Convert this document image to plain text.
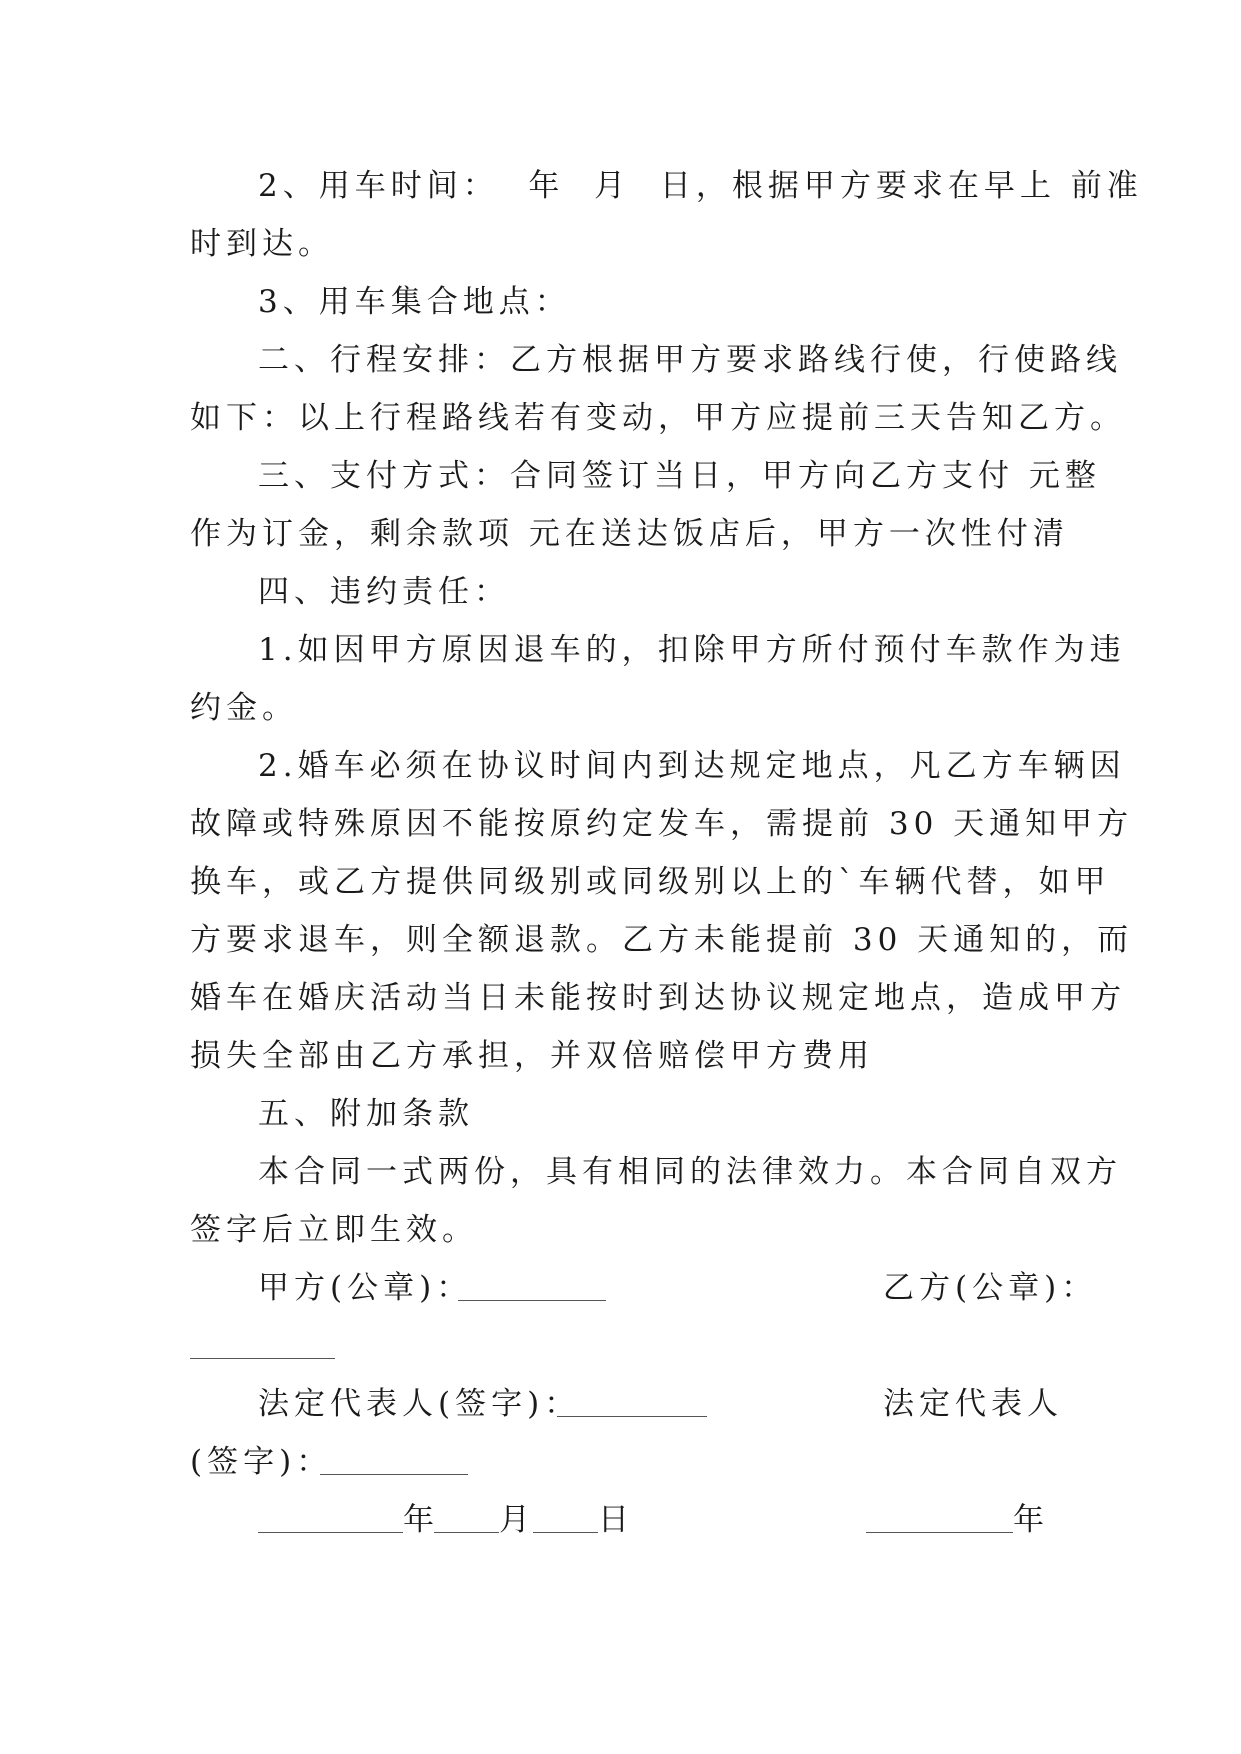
2、用车时间：  年  月  日，根据甲方要求在早上 前准
时到达。
3、用车集合地点：
二、行程安排：乙方根据甲方要求路线行使，行使路线
如下：以上行程路线若有变动，甲方应提前三天告知乙方。
三、支付方式：合同签订当日，甲方向乙方支付 元整
作为订金，剩余款项 元在送达饭店后，甲方一次性付清
四、违约责任：
1.如因甲方原因退车的，扣除甲方所付预付车款作为违
约金。
2.婚车必须在协议时间内到达规定地点，凡乙方车辆因
故障或特殊原因不能按原约定发车，需提前 30 天通知甲方
换车，或乙方提供同级别或同级别以上的`车辆代替，如甲
方要求退车，则全额退款。乙方未能提前 30 天通知的，而
婚车在婚庆活动当日未能按时到达协议规定地点，造成甲方
损失全部由乙方承担，并双倍赔偿甲方费用
五、附加条款
本合同一式两份，具有相同的法律效力。本合同自双方
签字后立即生效。
甲方(公章)：	乙方(公章)：
法定代表人(签字)：	法定代表人
(签字)：
年 月 日	年
